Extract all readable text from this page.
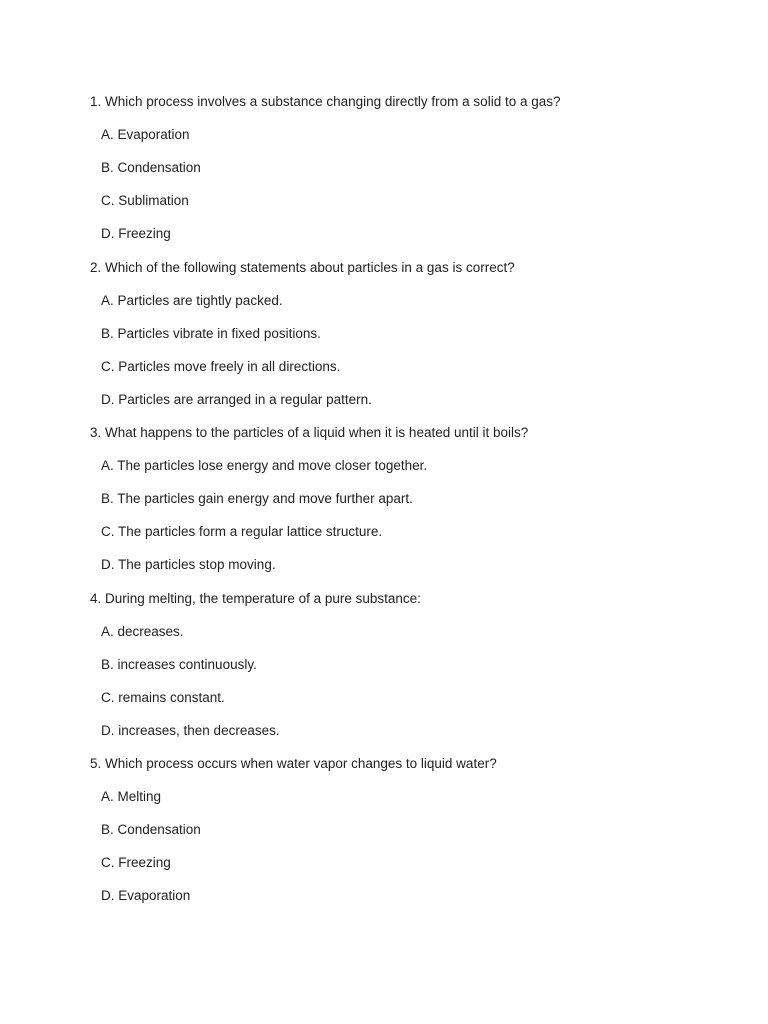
1. Which process involves a substance changing directly from a solid to a gas?
A. Evaporation
B. Condensation
C. Sublimation
D. Freezing
2. Which of the following statements about particles in a gas is correct?
A. Particles are tightly packed.
B. Particles vibrate in fixed positions.
C. Particles move freely in all directions.
D. Particles are arranged in a regular pattern.
3. What happens to the particles of a liquid when it is heated until it boils?
A. The particles lose energy and move closer together.
B. The particles gain energy and move further apart.
C. The particles form a regular lattice structure.
D. The particles stop moving.
4. During melting, the temperature of a pure substance:
A. decreases.
B. increases continuously.
C. remains constant.
D. increases, then decreases.
5. Which process occurs when water vapor changes to liquid water?
A. Melting
B. Condensation
C. Freezing
D. Evaporation
